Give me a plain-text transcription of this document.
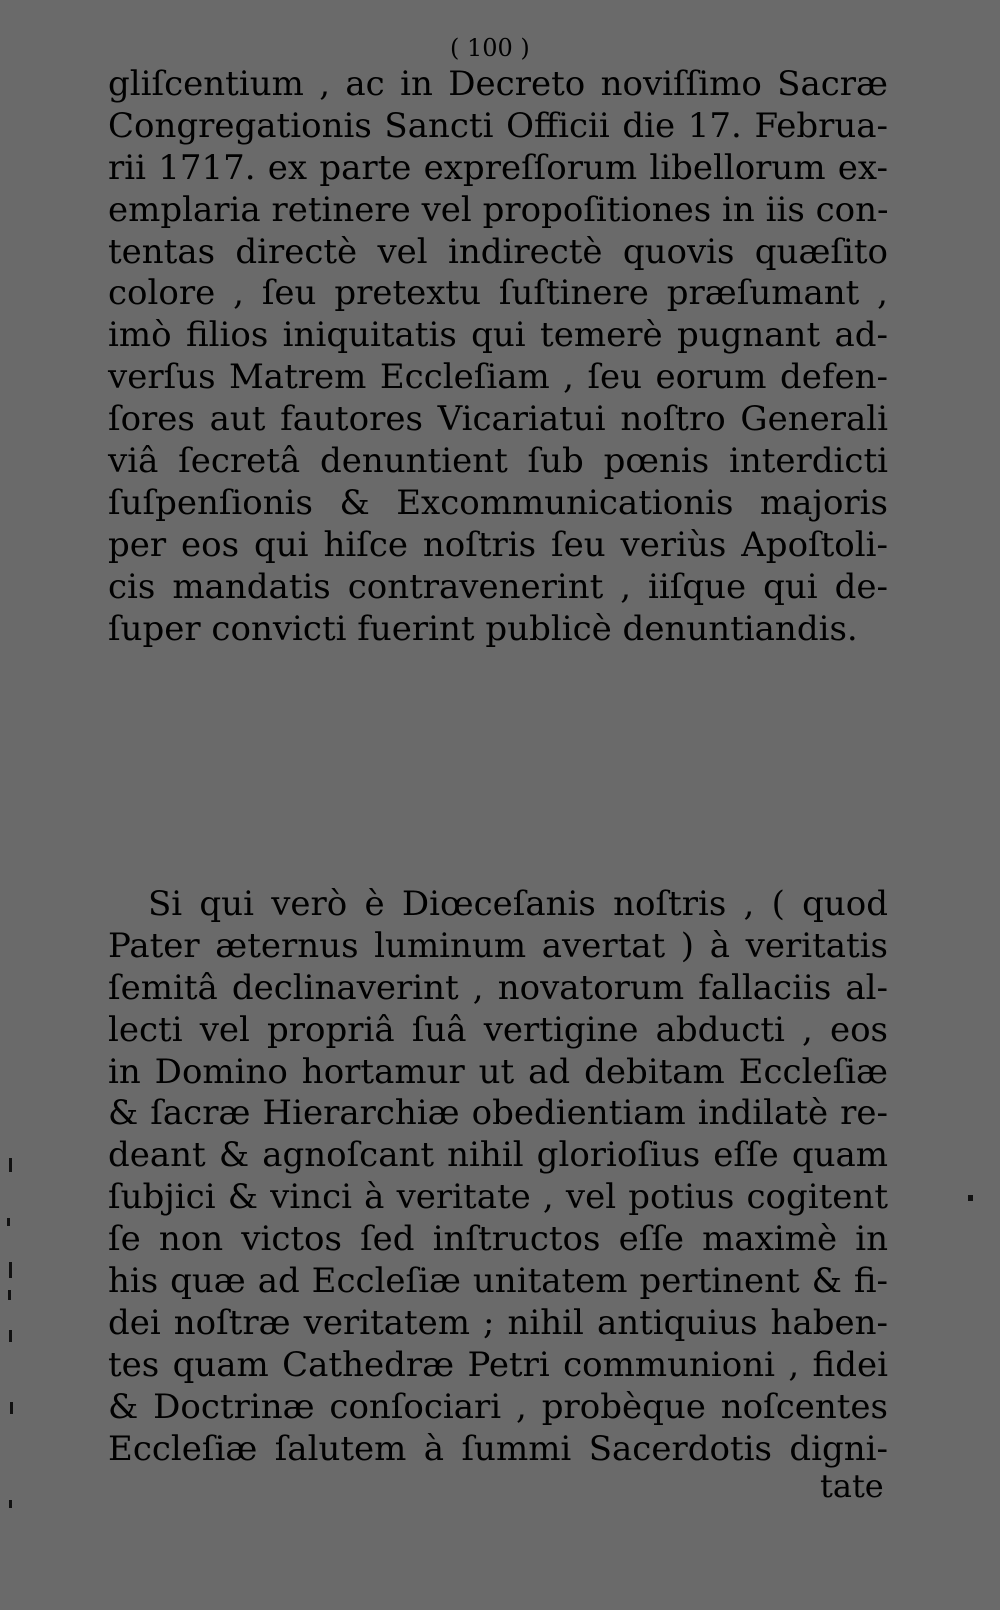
( 100 )
gliſcentium , ac in Decreto noviſſimo Sacræ
Congregationis Sancti Officii die 17. Februa-
rii 1717. ex parte expreſſorum libellorum ex-
emplaria retinere vel propoſitiones in iis con-
tentas directè vel indirectè quovis quæſito
colore , ſeu pretextu ſuſtinere præſumant ,
imò filios iniquitatis qui temerè pugnant ad-
verſus Matrem Eccleſiam , ſeu eorum defen-
ſores aut fautores Vicariatui noſtro Generali
viâ ſecretâ denuntient ſub pœnis interdicti
ſuſpenſionis & Excommunicationis majoris
per eos qui hiſce noſtris ſeu veriùs Apoſtoli-
cis mandatis contravenerint , iiſque qui de-
ſuper convicti fuerint publicè denuntiandis.
Si qui verò è Diœceſanis noſtris , ( quod
Pater æternus luminum avertat ) à veritatis
ſemitâ declinaverint , novatorum fallaciis al-
lecti vel propriâ ſuâ vertigine abducti , eos
in Domino hortamur ut ad debitam Eccleſiæ
& ſacræ Hierarchiæ obedientiam indilatè re-
deant & agnoſcant nihil glorioſius eſſe quam
ſubjici & vinci à veritate , vel potius cogitent
ſe non victos ſed inſtructos eſſe maximè in
his quæ ad Eccleſiæ unitatem pertinent & fi-
dei noſtræ veritatem ; nihil antiquius haben-
tes quam Cathedræ Petri communioni , fidei
& Doctrinæ conſociari , probèque noſcentes
Eccleſiæ ſalutem à ſummi Sacerdotis digni-
tate
